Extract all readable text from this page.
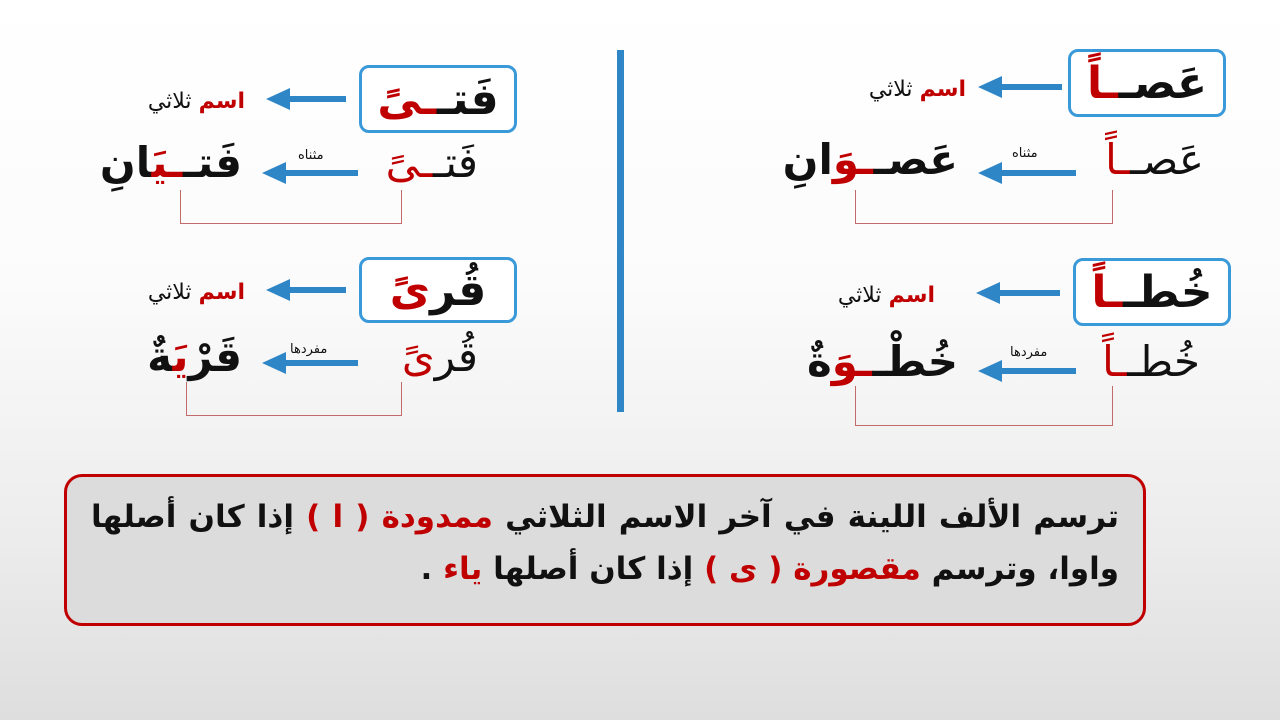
عَصــاً
اسم ثلاثي
عَصــاً
مثناه
عَصــوَانِ
خُطــاً
اسم ثلاثي
خُطــاً
مفردها
خُطْــوَةٌ
فَتــىً
اسم ثلاثي
فَتــىً
مثناه
فَتــيَانِ
قُرىً
اسم ثلاثي
قُرىً
مفردها
قَرْيَةٌ
ترسم الألف اللينة في آخر الاسم الثلاثي ممدودة ( ا ) إذا كان أصلها واوا، وترسم مقصورة ( ى ) إذا كان أصلها ياء .
